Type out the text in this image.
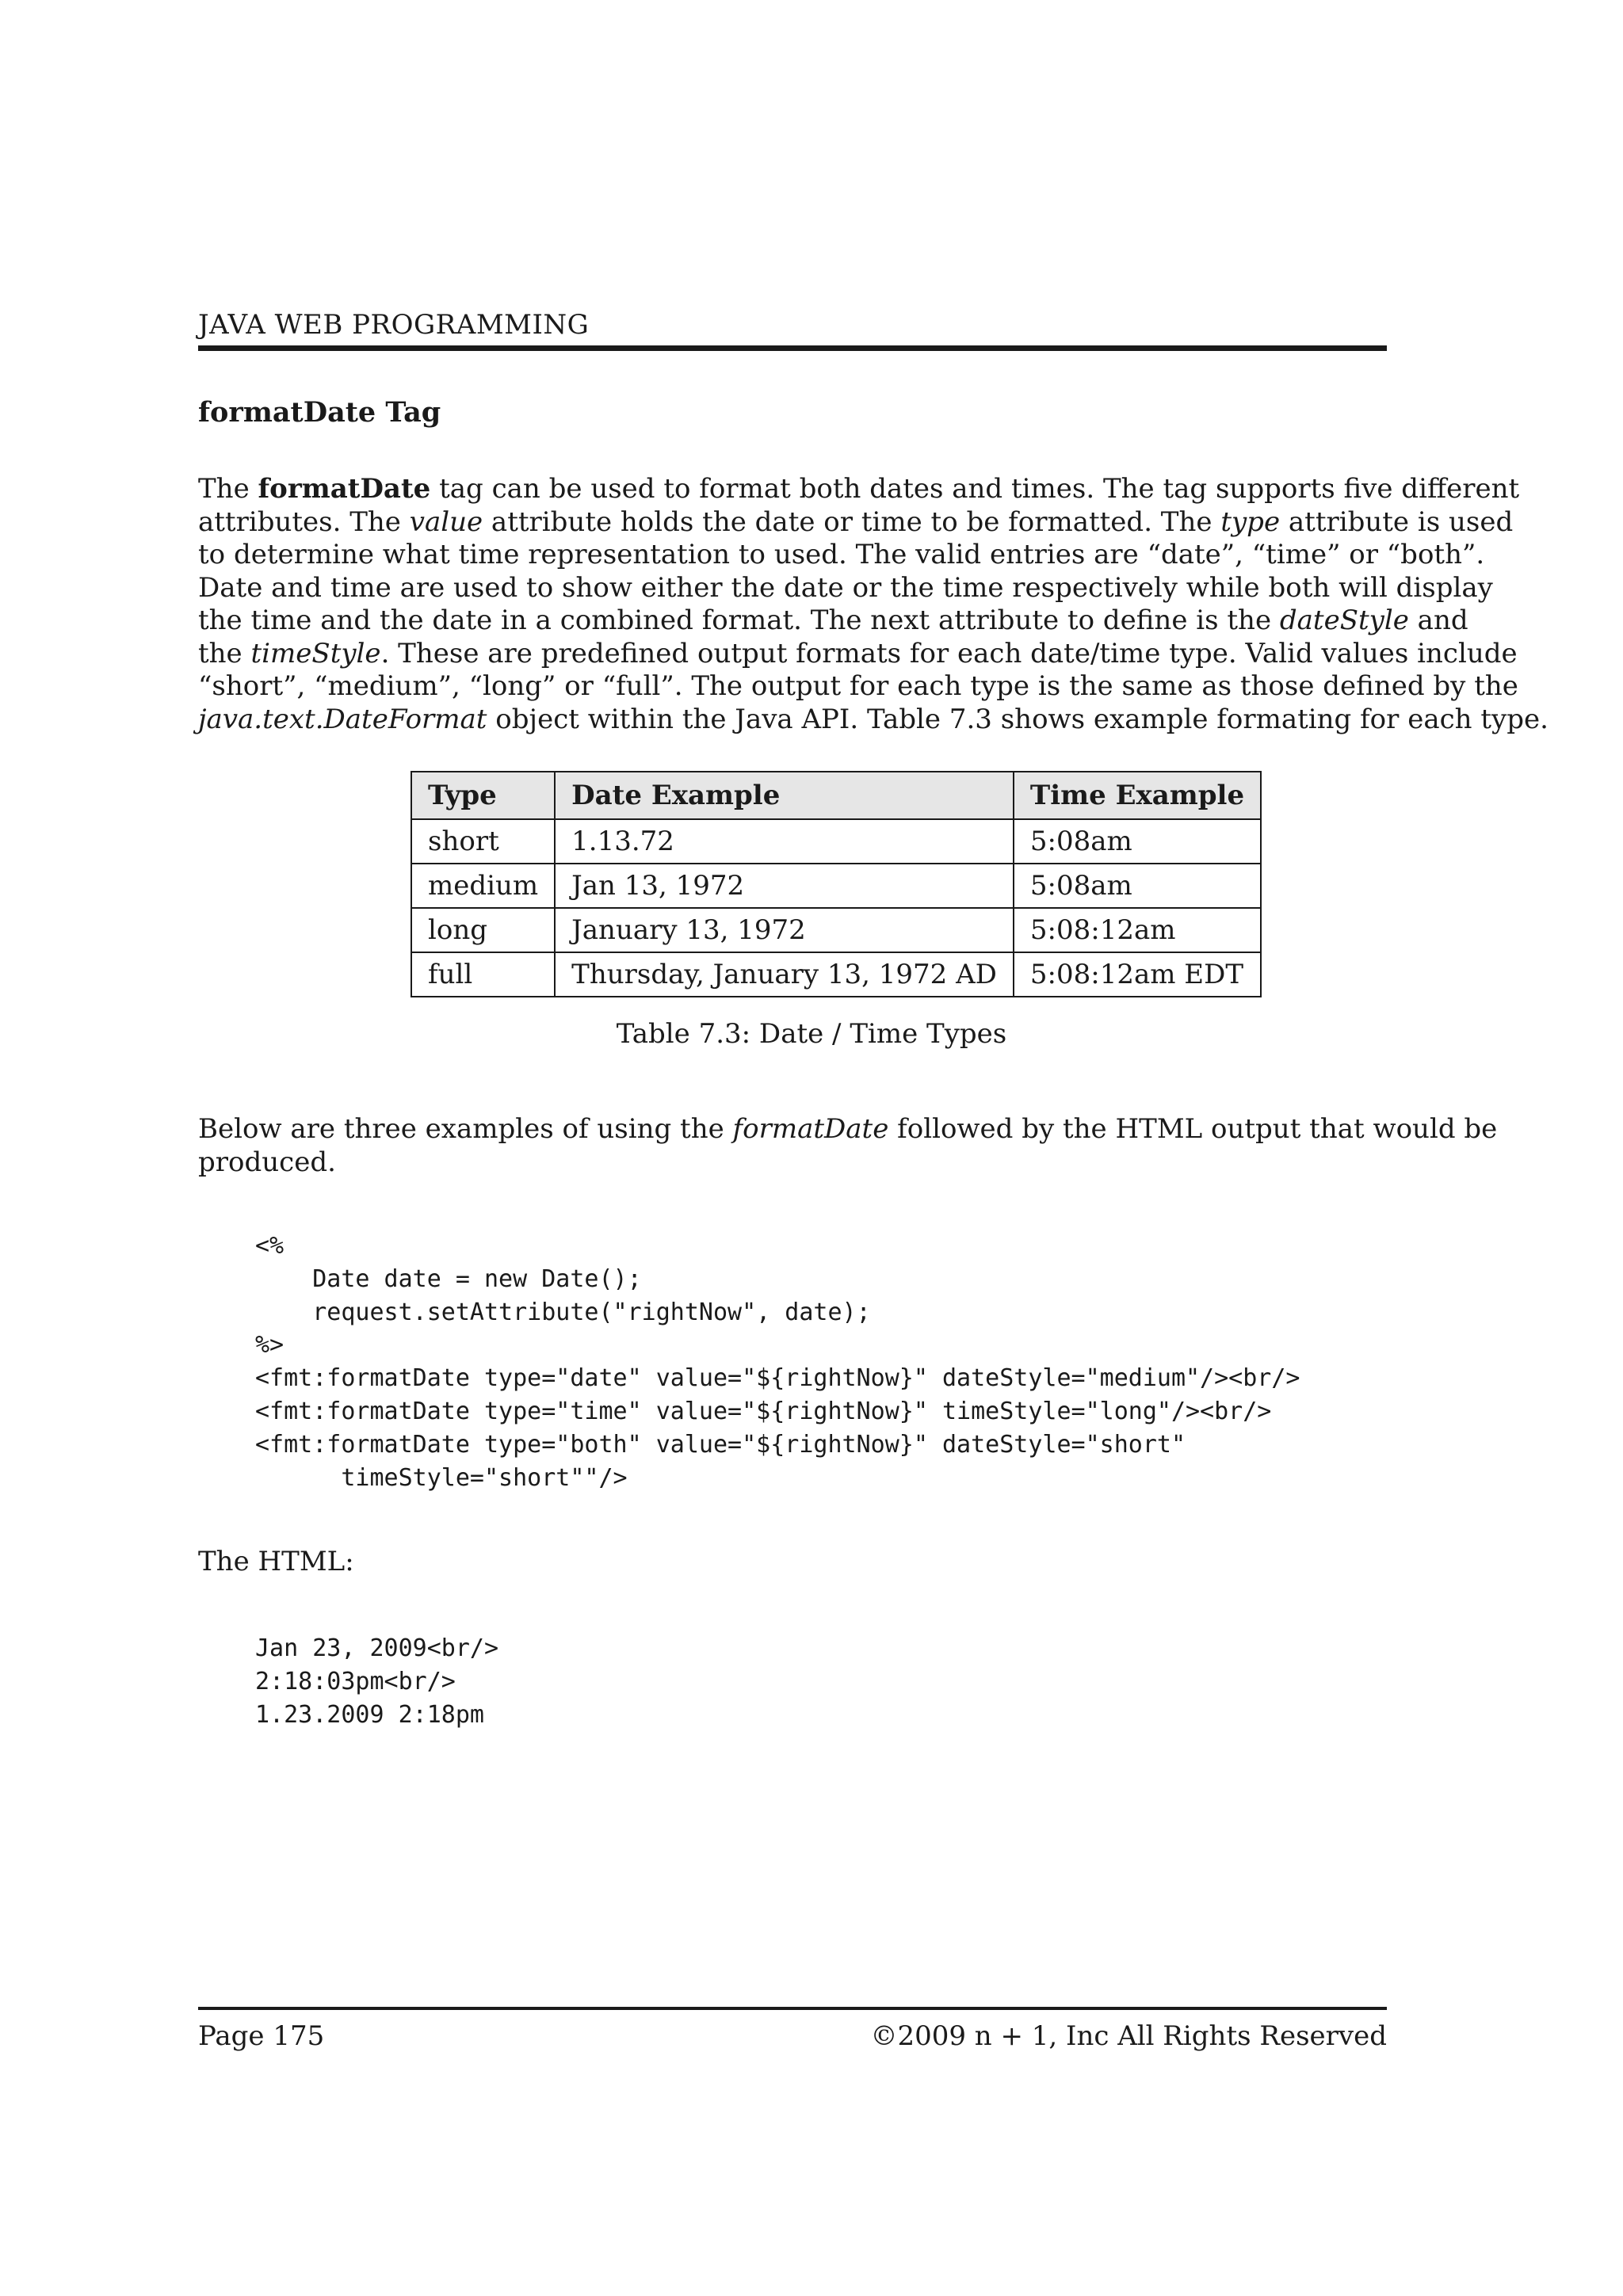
JAVA WEB PROGRAMMING
formatDate Tag
The formatDate tag can be used to format both dates and times. The tag supports five different
attributes. The value attribute holds the date or time to be formatted. The type attribute is used
to determine what time representation to used. The valid entries are “date”, “time” or “both”.
Date and time are used to show either the date or the time respectively while both will display
the time and the date in a combined format. The next attribute to define is the dateStyle and
the timeStyle. These are predefined output formats for each date/time type. Valid values include
“short”, “medium”, “long” or “full”. The output for each type is the same as those defined by the
java.text.DateFormat object within the Java API. Table 7.3 shows example formating for each type.
Type	Date Example	Time Example
short	1.13.72	5:08am
medium	Jan 13, 1972	5:08am
long	January 13, 1972	5:08:12am
full	Thursday, January 13, 1972 AD	5:08:12am EDT
Table 7.3: Date / Time Types
Below are three examples of using the formatDate followed by the HTML output that would be
produced.
<%
Date date = new Date();
request.setAttribute("rightNow", date);
%>
<fmt:formatDate type="date" value="${rightNow}" dateStyle="medium"/><br/>
<fmt:formatDate type="time" value="${rightNow}" timeStyle="long"/><br/>
<fmt:formatDate type="both" value="${rightNow}" dateStyle="short"
timeStyle="short""/>
The HTML:
Jan 23, 2009<br/>
2:18:03pm<br/>
1.23.2009 2:18pm
Page 175	©2009 n + 1, Inc All Rights Reserved
